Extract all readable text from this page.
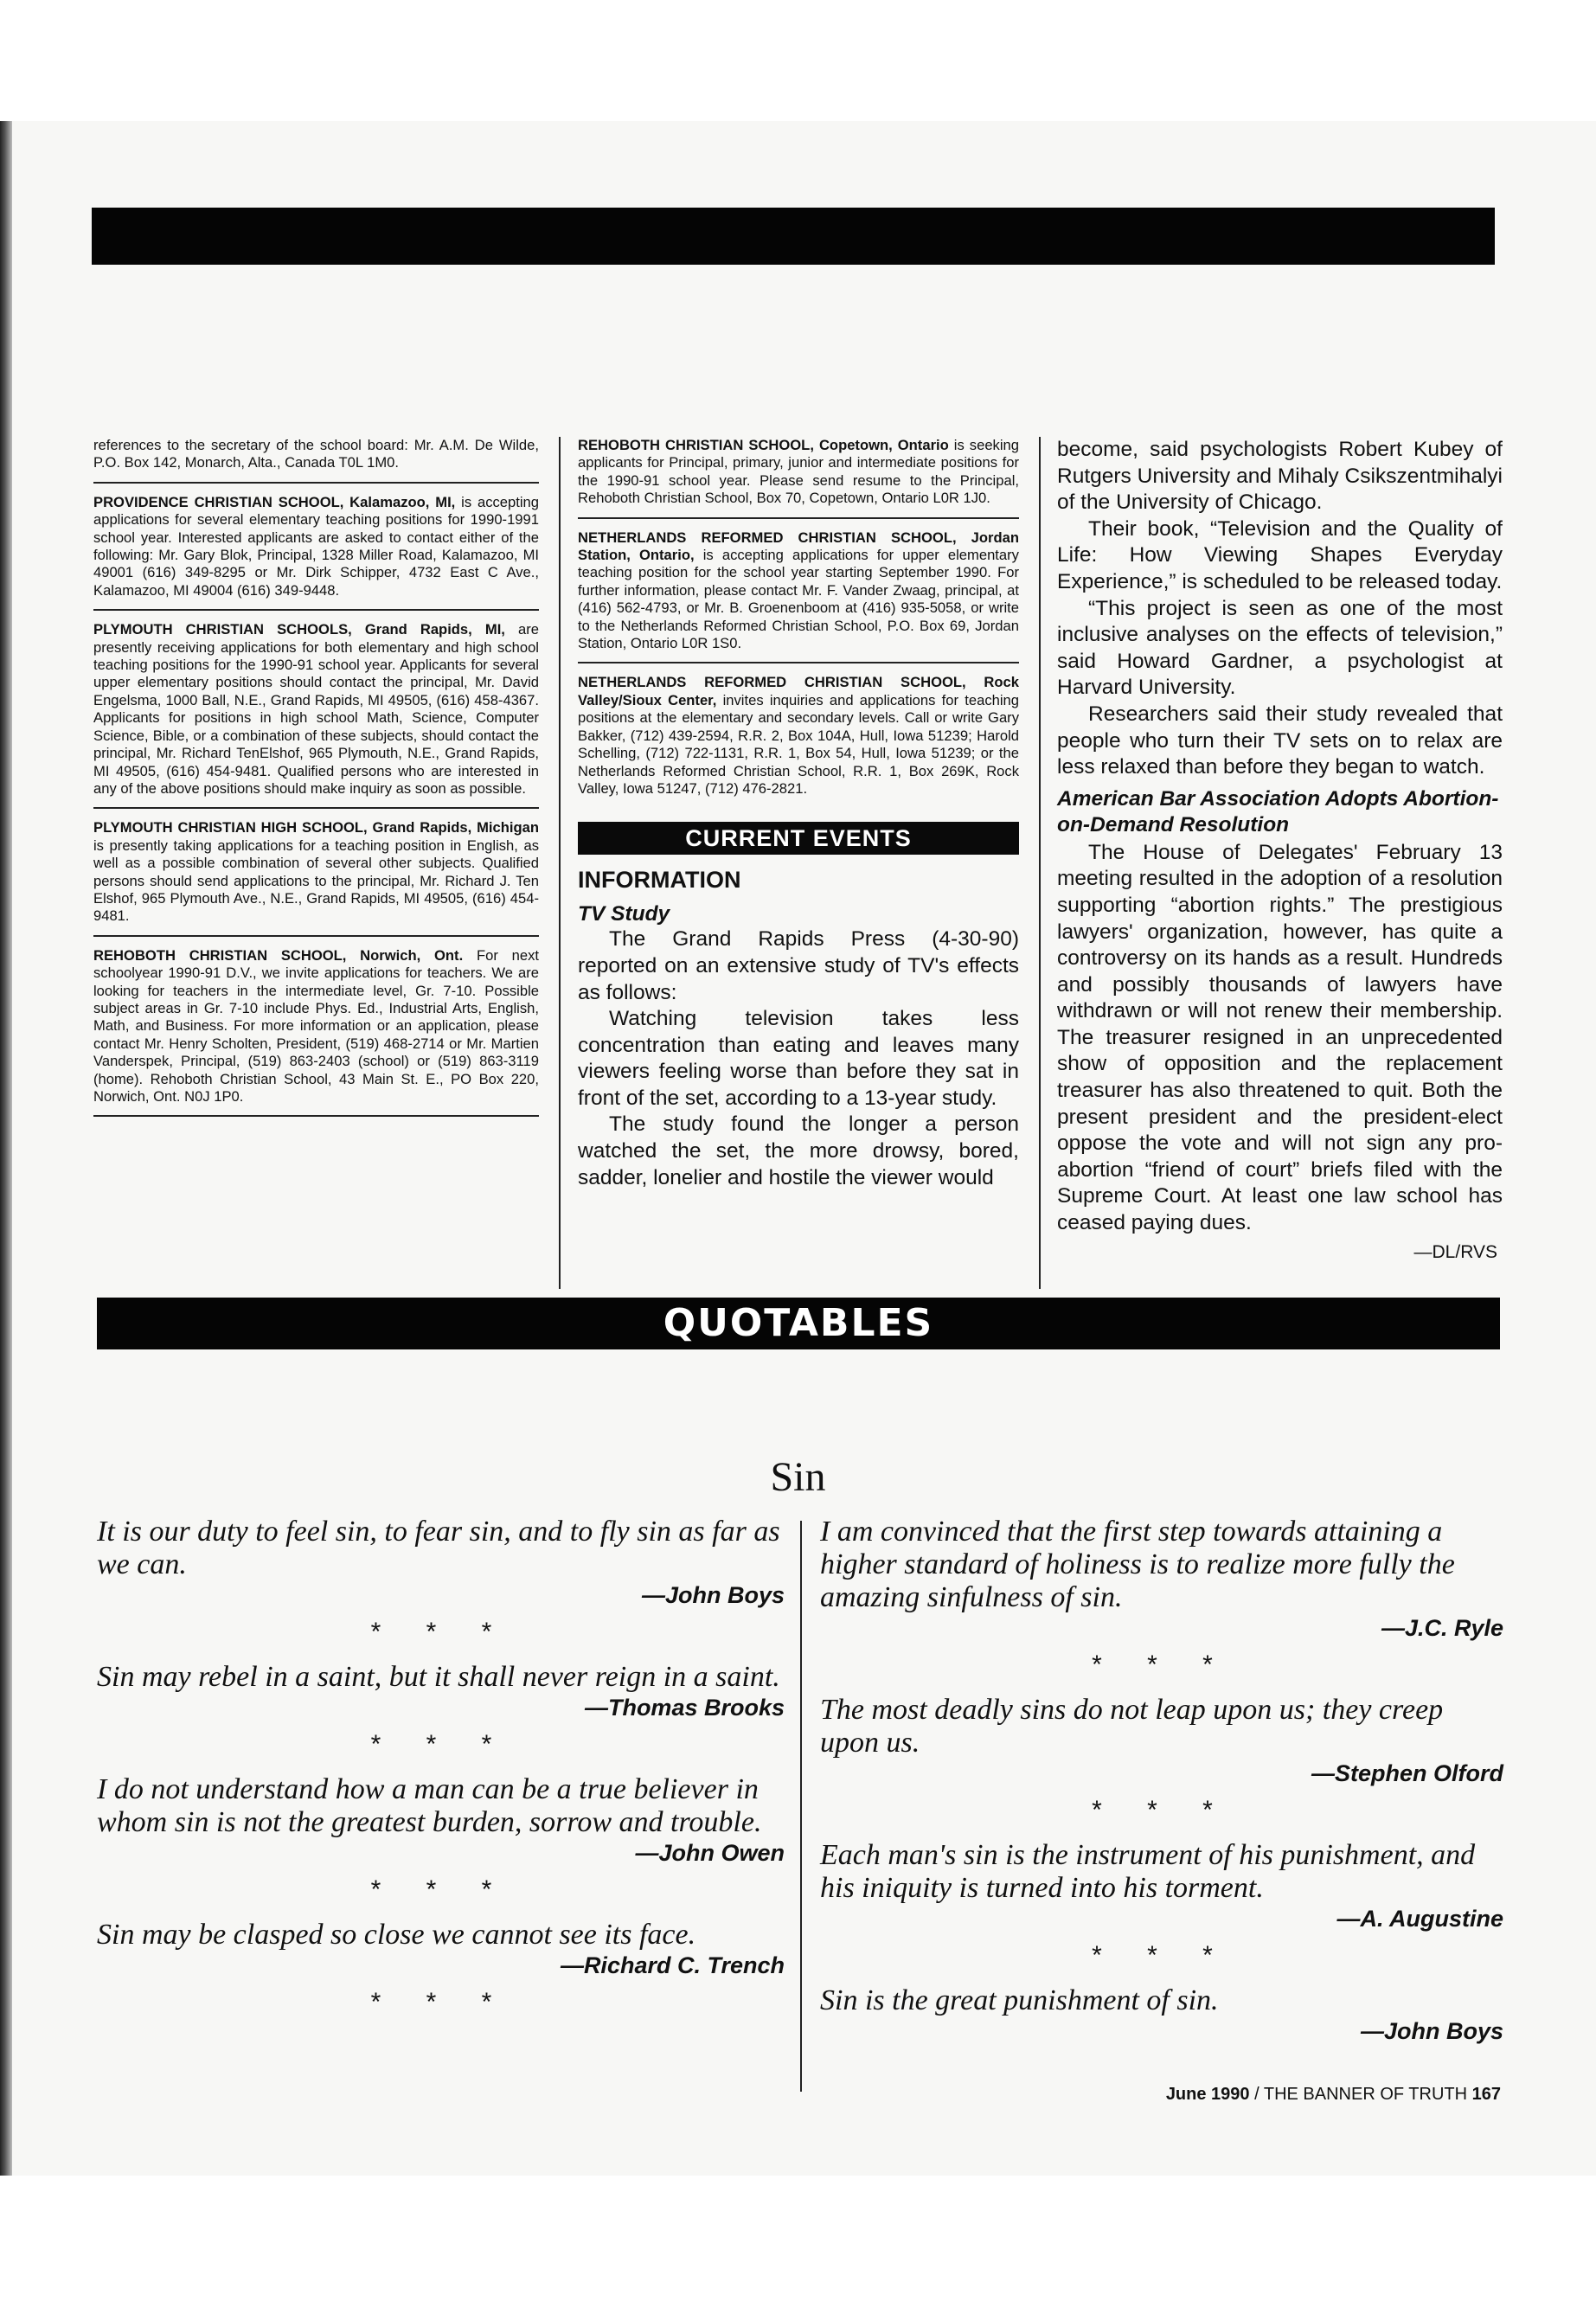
references to the secretary of the school board: Mr. A.M. De Wilde, P.O. Box 142, Monarch, Alta., Canada T0L 1M0.

PROVIDENCE CHRISTIAN SCHOOL, Kalamazoo, MI, is accepting applications for several elementary teaching positions for 1990-1991 school year. Interested applicants are asked to contact either of the following: Mr. Gary Blok, Principal, 1328 Miller Road, Kalamazoo, MI 49001 (616) 349-8295 or Mr. Dirk Schipper, 4732 East C Ave., Kalamazoo, MI 49004 (616) 349-9448.

PLYMOUTH CHRISTIAN SCHOOLS, Grand Rapids, MI, are presently receiving applications for both elementary and high school teaching positions for the 1990-91 school year. Applicants for several upper elementary positions should contact the principal, Mr. David Engelsma, 1000 Ball, N.E., Grand Rapids, MI 49505, (616) 458-4367. Applicants for positions in high school Math, Science, Computer Science, Bible, or a combination of these subjects, should contact the principal, Mr. Richard TenElshof, 965 Plymouth, N.E., Grand Rapids, MI 49505, (616) 454-9481. Qualified persons who are interested in any of the above positions should make inquiry as soon as possible.

PLYMOUTH CHRISTIAN HIGH SCHOOL, Grand Rapids, Michigan is presently taking applications for a teaching position in English, as well as a possible combination of several other subjects. Qualified persons should send applications to the principal, Mr. Richard J. Ten Elshof, 965 Plymouth Ave., N.E., Grand Rapids, MI 49505, (616) 454-9481.

REHOBOTH CHRISTIAN SCHOOL, Norwich, Ont. For next schoolyear 1990-91 D.V., we invite applications for teachers. We are looking for teachers in the intermediate level, Gr. 7-10. Possible subject areas in Gr. 7-10 include Phys. Ed., Industrial Arts, English, Math, and Business. For more information or an application, please contact Mr. Henry Scholten, President, (519) 468-2714 or Mr. Martien Vanderspek, Principal, (519) 863-2403 (school) or (519) 863-3119 (home). Rehoboth Christian School, 43 Main St. E., PO Box 220, Norwich, Ont. N0J 1P0.

REHOBOTH CHRISTIAN SCHOOL, Copetown, Ontario is seeking applicants for Principal, primary, junior and intermediate positions for the 1990-91 school year. Please send resume to the Principal, Rehoboth Christian School, Box 70, Copetown, Ontario L0R 1J0.

NETHERLANDS REFORMED CHRISTIAN SCHOOL, Jordan Station, Ontario, is accepting applications for upper elementary teaching position for the school year starting September 1990. For further information, please contact Mr. F. Vander Zwaag, principal, at (416) 562-4793, or Mr. B. Groenenboom at (416) 935-5058, or write to the Netherlands Reformed Christian School, P.O. Box 69, Jordan Station, Ontario L0R 1S0.

NETHERLANDS REFORMED CHRISTIAN SCHOOL, Rock Valley/Sioux Center, invites inquiries and applications for teaching positions at the elementary and secondary levels. Call or write Gary Bakker, (712) 439-2594, R.R. 2, Box 104A, Hull, Iowa 51239; Harold Schelling, (712) 722-1131, R.R. 1, Box 54, Hull, Iowa 51239; or the Netherlands Reformed Christian School, R.R. 1, Box 269K, Rock Valley, Iowa 51247, (712) 476-2821.

CURRENT EVENTS
INFORMATION
TV Study

The Grand Rapids Press (4-30-90) reported on an extensive study of TV's effects as follows:

Watching television takes less concentration than eating and leaves many viewers feeling worse than before they sat in front of the set, according to a 13-year study.

The study found the longer a person watched the set, the more drowsy, bored, sadder, lonelier and hostile the viewer would

become, said psychologists Robert Kubey of Rutgers University and Mihaly Csikszentmihalyi of the University of Chicago.

Their book, “Television and the Quality of Life: How Viewing Shapes Everyday Experience,” is scheduled to be released today.

“This project is seen as one of the most inclusive analyses on the effects of television,” said Howard Gardner, a psychologist at Harvard University.

Researchers said their study revealed that people who turn their TV sets on to relax are less relaxed than before they began to watch.

American Bar Association Adopts Abortion-on-Demand Resolution

The House of Delegates' February 13 meeting resulted in the adoption of a resolution supporting “abortion rights.” The prestigious lawyers' organization, however, has quite a controversy on its hands as a result. Hundreds and possibly thousands of lawyers have withdrawn or will not renew their membership. The treasurer resigned in an unprecedented show of opposition and the replacement treasurer has also threatened to quit. Both the present president and the president-elect oppose the vote and will not sign any pro-abortion “friend of court” briefs filed with the Supreme Court. At least one law school has ceased paying dues.

—DL/RVS
QUOTABLES
Sin

It is our duty to feel sin, to fear sin, and to fly sin as far as we can.

—John Boys

* * *

Sin may rebel in a saint, but it shall never reign in a saint.

—Thomas Brooks

* * *

I do not understand how a man can be a true believer in whom sin is not the greatest burden, sorrow and trouble.

—John Owen

* * *

Sin may be clasped so close we cannot see its face.

—Richard C. Trench

* * *

I am convinced that the first step towards attaining a higher standard of holiness is to realize more fully the amazing sinfulness of sin.

—J.C. Ryle

* * *

The most deadly sins do not leap upon us; they creep upon us.

—Stephen Olford

* * *

Each man's sin is the instrument of his punishment, and his iniquity is turned into his torment.

—A. Augustine

* * *

Sin is the great punishment of sin.

—John Boys

June 1990 / THE BANNER OF TRUTH 167
